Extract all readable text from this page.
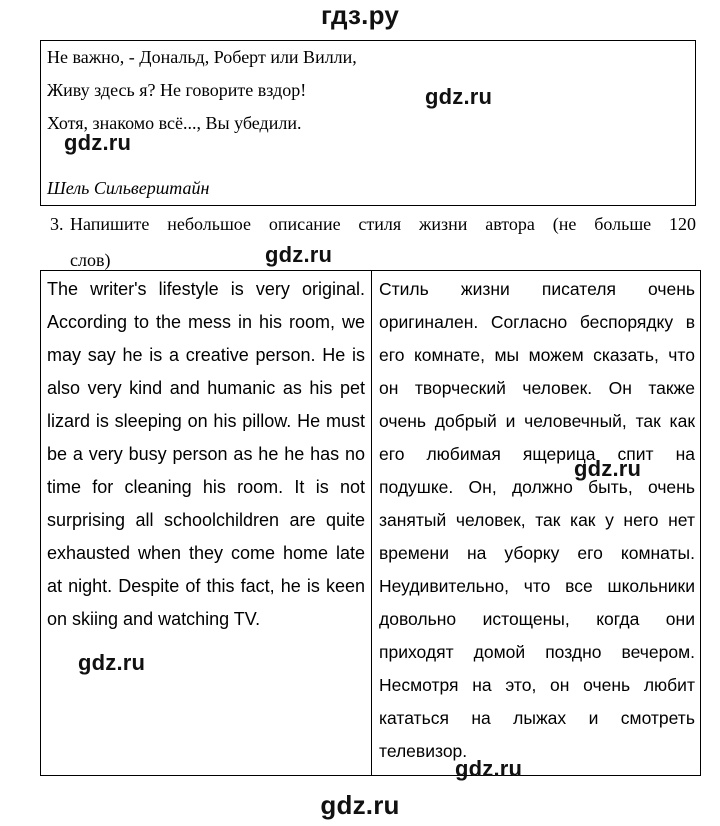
гдз.ру
Не важно, - Дональд, Роберт или Вилли,
Живу здесь я? Не говорите вздор!
Хотя, знакомо всё..., Вы убедили.
Шель Сильверштайн
gdz.ru
gdz.ru
3. Напишите небольшое описание стиля жизни автора (не больше 120
слов)	gdz.ru
The writer's lifestyle is very original. According to the mess in his room, we may say he is a creative person. He is also very kind and humanic as his pet lizard is sleeping on his pillow. He must be a very busy person as he he has no time for cleaning his room. It is not surprising all schoolchildren are quite exhausted when they come home late at night. Despite of this fact, he is keen on skiing and watching TV.
Стиль жизни писателя очень
оригинален. Согласно беспорядку в
его комнате, мы можем сказать, что
он творческий человек. Он также
очень добрый и человечный, так как
его любимая ящерица спит на
подушке. Он, должно быть, очень
занятый человек, так как у него нет
времени на уборку его комнаты.
Неудивительно, что все школьники
довольно истощены, когда они
приходят домой поздно вечером.
Несмотря на это, он очень любит
кататься на лыжах и смотреть
телевизор.
gdz.ru
gdz.ru
gdz.ru
gdz.ru
